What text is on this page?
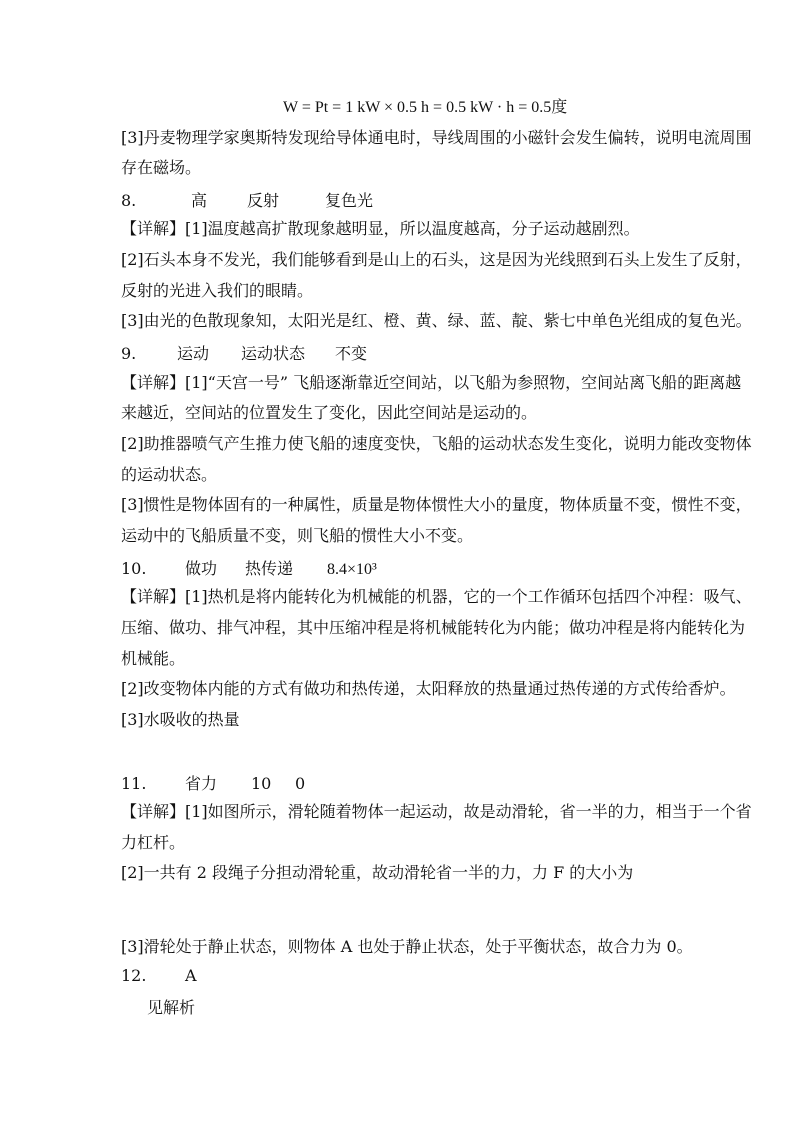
W = Pt = 1 kW × 0.5 h = 0.5 kW · h = 0.5度
[3]丹麦物理学家奥斯特发现给导体通电时，导线周围的小磁针会发生偏转，说明电流周围
存在磁场。
8.	高 反射	复色光
【详解】[1]温度越高扩散现象越明显，所以温度越高，分子运动越剧烈。
[2]石头本身不发光，我们能够看到是山上的石头，这是因为光线照到石头上发生了反射，
反射的光进入我们的眼睛。
[3]由光的色散现象知，太阳光是红、橙、黄、绿、蓝、靛、紫七中单色光组成的复色光。
9.	运动 运动状态 不变
【详解】[1]“天宫一号” 飞船逐渐靠近空间站，以飞船为参照物，空间站离飞船的距离越
来越近，空间站的位置发生了变化，因此空间站是运动的。
[2]助推器喷气产生推力使飞船的速度变快，飞船的运动状态发生变化，说明力能改变物体
的运动状态。
[3]惯性是物体固有的一种属性，质量是物体惯性大小的量度，物体质量不变，惯性不变，
运动中的飞船质量不变，则飞船的惯性大小不变。
10. 做功 热传递 8.4×10³
【详解】[1]热机是将内能转化为机械能的机器，它的一个工作循环包括四个冲程：吸气、
压缩、做功、排气冲程，其中压缩冲程是将机械能转化为内能；做功冲程是将内能转化为
机械能。
[2]改变物体内能的方式有做功和热传递，太阳释放的热量通过热传递的方式传给香炉。
[3]水吸收的热量
11. 省力 10 0
【详解】[1]如图所示，滑轮随着物体一起运动，故是动滑轮，省一半的力，相当于一个省
力杠杆。
[2]一共有 2 段绳子分担动滑轮重，故动滑轮省一半的力，力 F 的大小为
[3]滑轮处于静止状态，则物体 A 也处于静止状态，处于平衡状态，故合力为 0。
12. A
见解析
